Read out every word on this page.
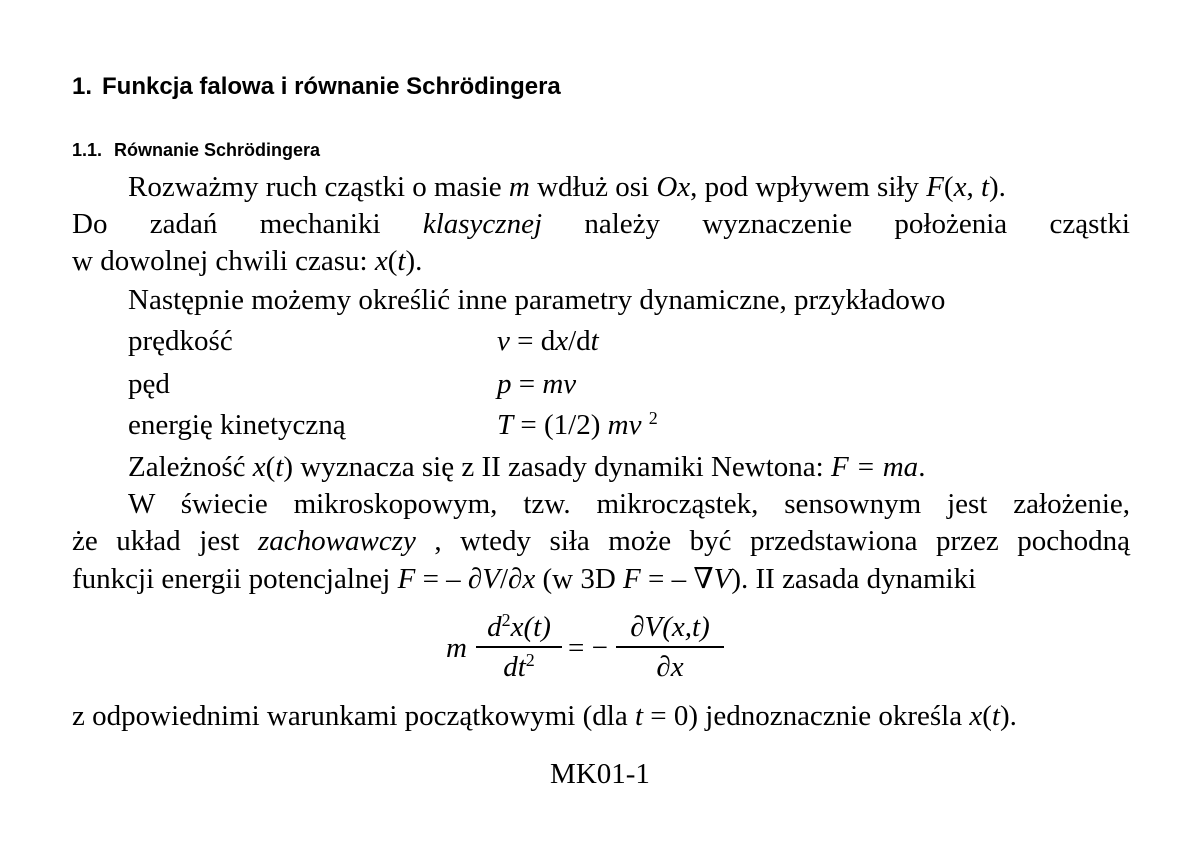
1. Funkcja falowa i równanie Schrödingera
1.1. Równanie Schrödingera
Rozważmy ruch cząstki o masie m wdłuż osi Ox, pod wpływem siły F(x, t).
Do zadań mechaniki klasycznej należy wyznaczenie położenia cząstki
w dowolnej chwili czasu: x(t).
Następnie możemy określić inne parametry dynamiczne, przykładowo
prędkość	v = dx/dt
pęd	p = mv
energię kinetyczną	T = (1/2) mv $^2$
Zależność x(t) wyznacza się z II zasady dynamiki Newtona: F = ma.
W świecie mikroskopowym, tzw. mikrocząstek, sensownym jest założenie,
że układ jest zachowawczy , wtedy siła może być przedstawiona przez pochodną
funkcji energii potencjalnej F = – ∂V/∂x (w 3D F = – ∇V). II zasada dynamiki
m
$d^2x(t)$
$dt^2$	= −
∂V(x,t)
∂x
z odpowiednimi warunkami początkowymi (dla t = 0) jednoznacznie określa x(t).
MK01-1
